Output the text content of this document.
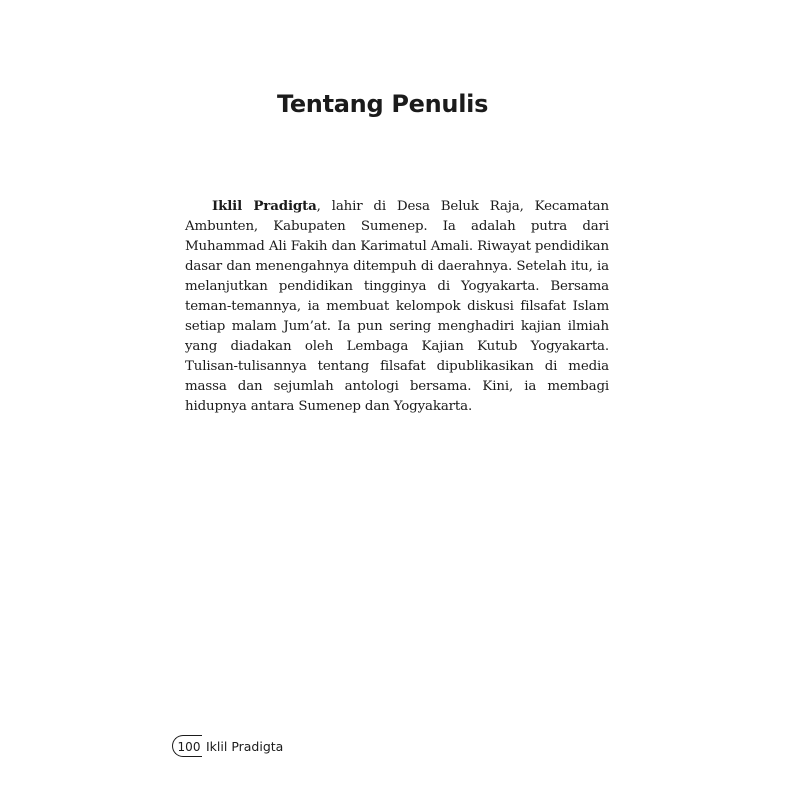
Tentang Penulis

Iklil Pradigta, lahir di Desa Beluk Raja, Kecamatan Ambunten, Kabupaten Sumenep. Ia adalah putra dari Muhammad Ali Fakih dan Karimatul Amali. Riwayat pendidikan dasar dan menengahnya ditempuh di daerahnya. Setelah itu, ia melanjutkan pendidikan tingginya di Yogyakarta. Bersama teman-temannya, ia membuat kelompok diskusi filsafat Islam setiap malam Jum’at. Ia pun sering menghadiri kajian ilmiah yang diadakan oleh Lembaga Kajian Kutub Yogyakarta. Tulisan-tulisannya tentang filsafat dipublikasikan di media massa dan sejumlah antologi bersama. Kini, ia membagi hidupnya antara Sumenep dan Yogyakarta.

100 Iklil Pradigta
